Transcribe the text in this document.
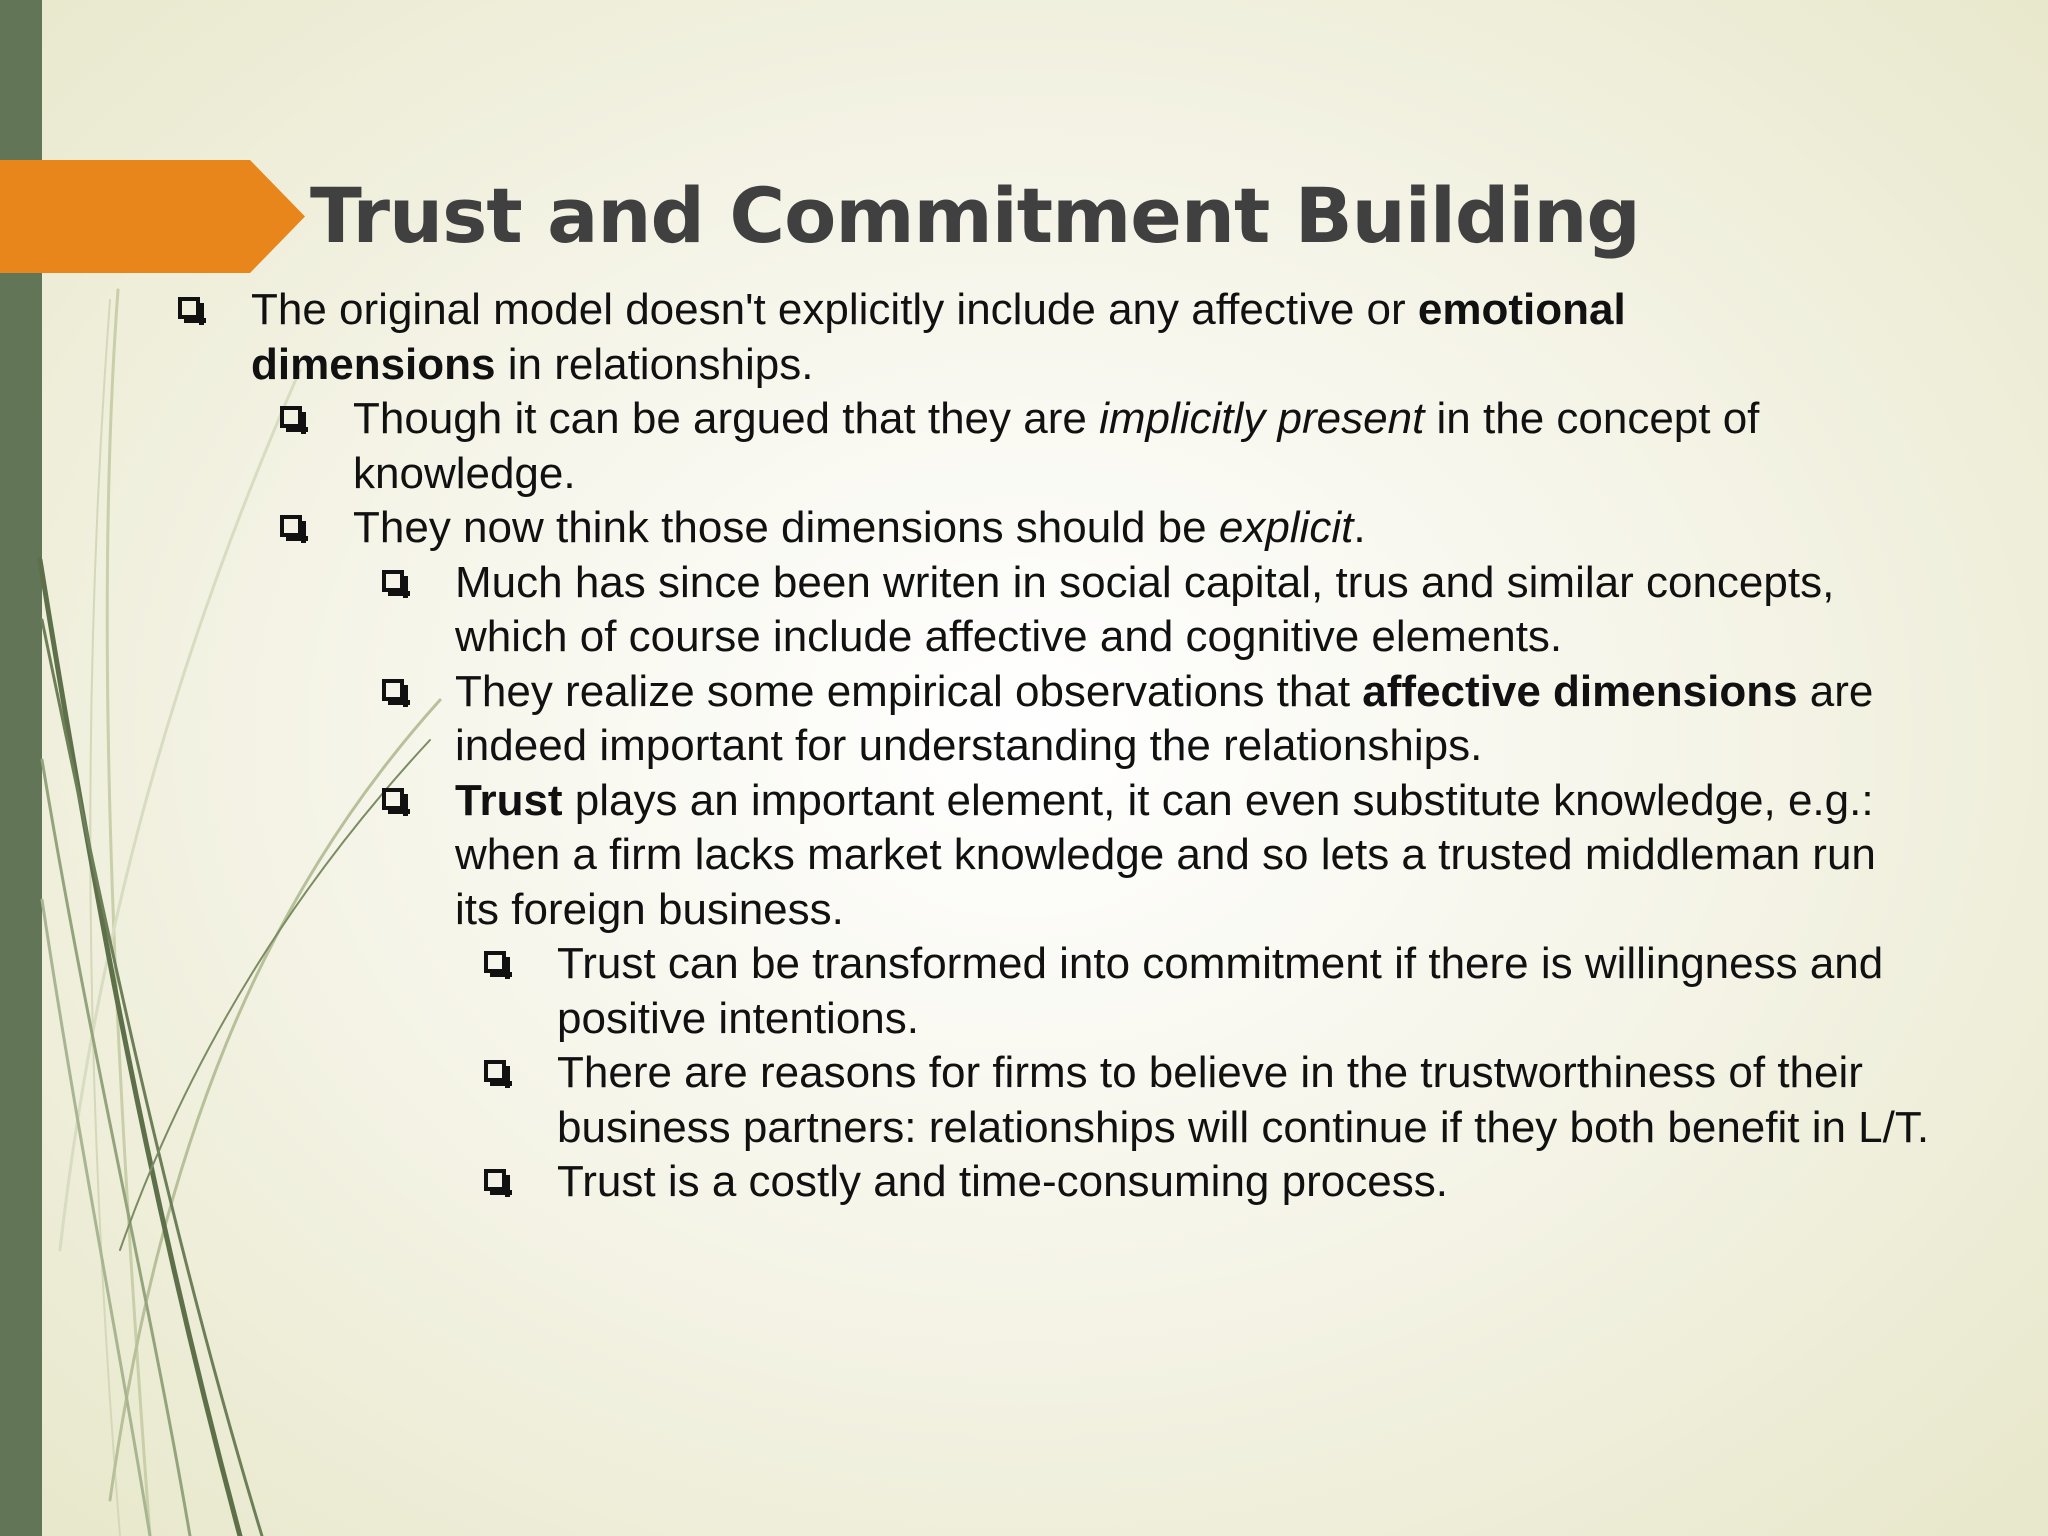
Trust and Commitment Building
The original model doesn't explicitly include any affective or emotional dimensions in relationships.
Though it can be argued that they are implicitly present in the concept of knowledge.
They now think those dimensions should be explicit.
Much has since been writen in social capital, trus and similar concepts, which of course include affective and cognitive elements.
They realize some empirical observations that affective dimensions are indeed important for understanding the relationships.
Trust plays an important element, it can even substitute knowledge, e.g.: when a firm lacks market knowledge and so lets a trusted middleman run its foreign business.
Trust can be transformed into commitment if there is willingness and positive intentions.
There are reasons for firms to believe in the trustworthiness of their business partners: relationships will continue if they both benefit in L/T.
Trust is a costly and time-consuming process.
